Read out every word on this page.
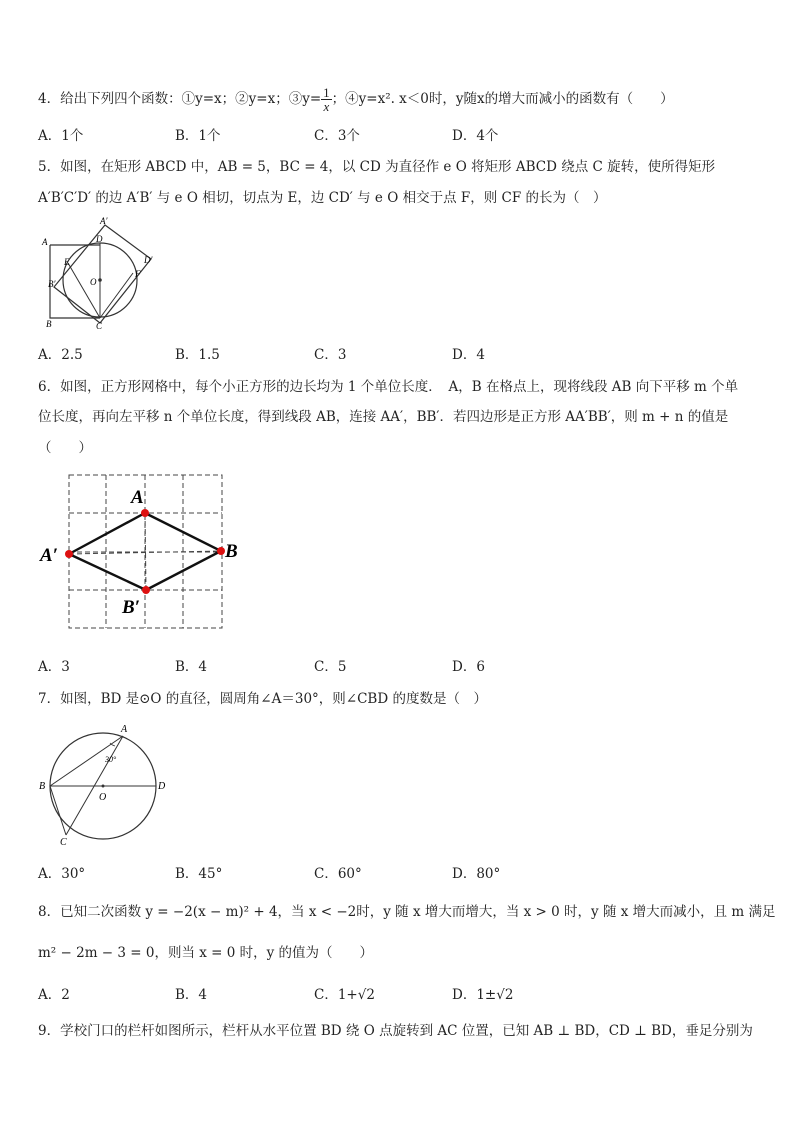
4．给出下列四个函数：①y=x；②y=x；③y= $\frac{1}{x}$ ；④y=x². x＜0时，y随x的增大而减小的函数有（　　）
A．1个	B．1个	C．3个	D．4个
5．如图，在矩形 ABCD 中，AB = 5，BC = 4，以 CD 为直径作 e O 将矩形 ABCD 绕点 C 旋转，使所得矩形
A′B′C′D′ 的边 A′B′ 与 e O 相切，切点为 E，边 CD′ 与 e O 相交于点 F，则 CF 的长为（　）
A
B	C
D
A′
B′
D′
E
F
O
A．2.5	B．1.5	C．3	D．4
6．如图，正方形网格中，每个小正方形的边长均为 1 个单位长度．　A，B 在格点上，现将线段 AB 向下平移 m 个单
位长度，再向左平移 n 个单位长度，得到线段 AB，连接 AA′，BB′．若四边形是正方形 AA′BB′，则 m + n 的值是
（　　）
A
B
A′
B′
A．3	B．4	C．5	D．6
7．如图，BD 是⊙O 的直径，圆周角∠A＝30°，则∠CBD 的度数是（　）
A
B
C
D
O
30°
A．30°	B．45°	C．60°	D．80°
8．已知二次函数 y = −2(x − m)² + 4，当 x < −2时，y 随 x 增大而增大，当 x > 0 时，y 随 x 增大而减小，且 m 满足
m² − 2m − 3 = 0，则当 x = 0 时，y 的值为（　　）
A．2	B．4	C．1+√2	D．1±√2
9．学校门口的栏杆如图所示，栏杆从水平位置 BD 绕 O 点旋转到 AC 位置，已知 AB ⊥ BD，CD ⊥ BD，垂足分别为
